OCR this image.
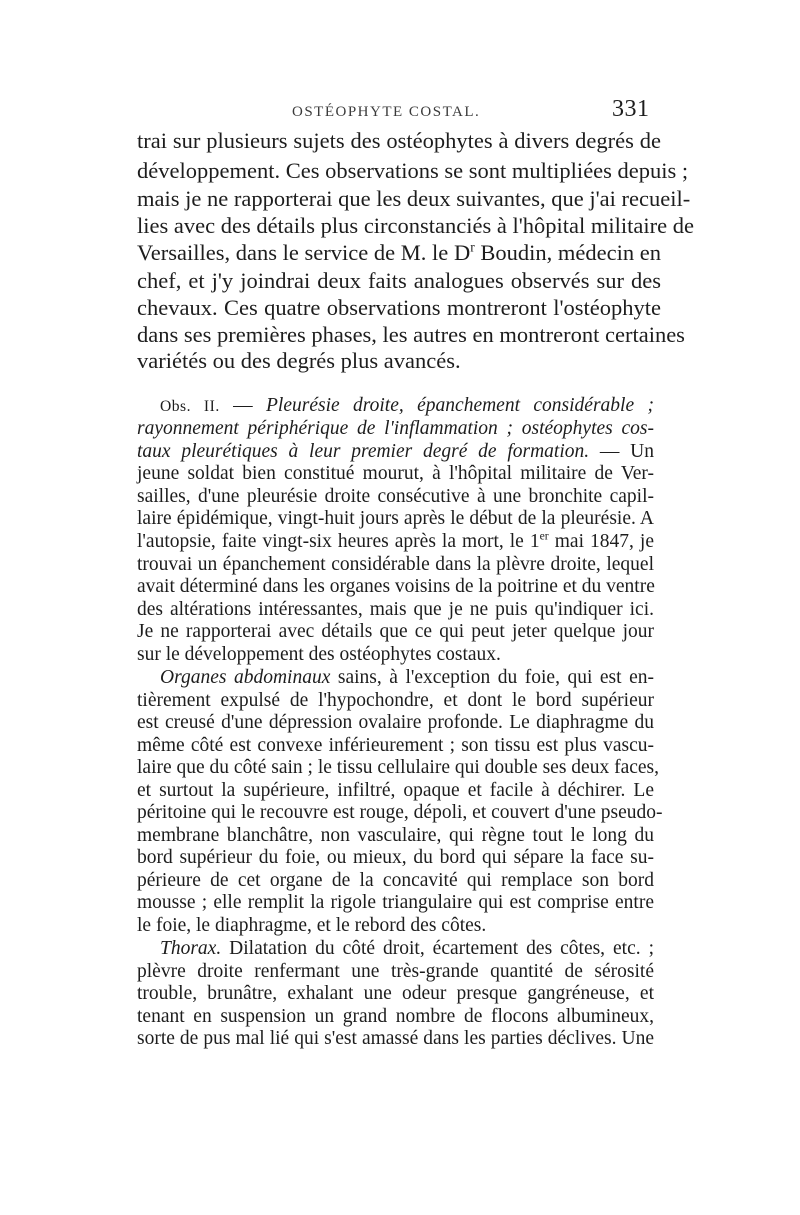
OSTÉOPHYTE COSTAL.	331
trai sur plusieurs sujets des ostéophytes à divers degrés de
développement. Ces observations se sont multipliées depuis ;
mais je ne rapporterai que les deux suivantes, que j'ai recueil-
lies avec des détails plus circonstanciés à l'hôpital militaire de
Versailles, dans le service de M. le $D^r$ Boudin, médecin en
chef, et j'y joindrai deux faits analogues observés sur des
chevaux. Ces quatre observations montreront l'ostéophyte
dans ses premières phases, les autres en montreront certaines
variétés ou des degrés plus avancés.
Obs. II. — Pleurésie droite, épanchement considérable ;
rayonnement périphérique de l'inflammation ; ostéophytes cos-
taux pleurétiques à leur premier degré de formation. — Un
jeune soldat bien constitué mourut, à l'hôpital militaire de Ver-
sailles, d'une pleurésie droite consécutive à une bronchite capil-
laire épidémique, vingt-huit jours après le début de la pleurésie. A
l'autopsie, faite vingt-six heures après la mort, le 1er mai 1847, je
trouvai un épanchement considérable dans la plèvre droite, lequel
avait déterminé dans les organes voisins de la poitrine et du ventre
des altérations intéressantes, mais que je ne puis qu'indiquer ici.
Je ne rapporterai avec détails que ce qui peut jeter quelque jour
sur le développement des ostéophytes costaux.
Organes abdominaux sains, à l'exception du foie, qui est en-
tièrement expulsé de l'hypochondre, et dont le bord supérieur
est creusé d'une dépression ovalaire profonde. Le diaphragme du
même côté est convexe inférieurement ; son tissu est plus vascu-
laire que du côté sain ; le tissu cellulaire qui double ses deux faces,
et surtout la supérieure, infiltré, opaque et facile à déchirer. Le
péritoine qui le recouvre est rouge, dépoli, et couvert d'une pseudo-
membrane blanchâtre, non vasculaire, qui règne tout le long du
bord supérieur du foie, ou mieux, du bord qui sépare la face su-
périeure de cet organe de la concavité qui remplace son bord
mousse ; elle remplit la rigole triangulaire qui est comprise entre
le foie, le diaphragme, et le rebord des côtes.
Thorax. Dilatation du côté droit, écartement des côtes, etc. ;
plèvre droite renfermant une très-grande quantité de sérosité
trouble, brunâtre, exhalant une odeur presque gangréneuse, et
tenant en suspension un grand nombre de flocons albumineux,
sorte de pus mal lié qui s'est amassé dans les parties déclives. Une
